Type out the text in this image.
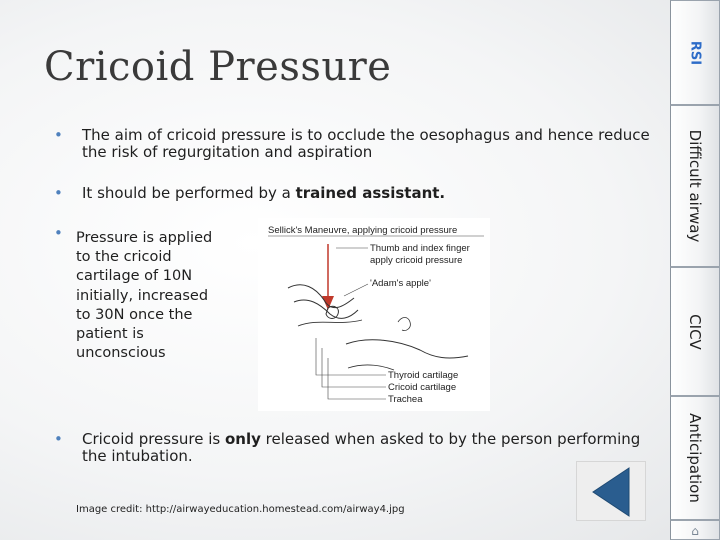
Cricoid Pressure
• The aim of cricoid pressure is to occlude the oesophagus and hence reduce
the risk of regurgitation and aspiration
• It should be performed by a trained assistant.
• Pressure is applied
to the cricoid
cartilage of 10N
initially, increased
to 30N once the
patient is
unconscious
Sellick's Maneuvre, applying cricoid pressure
Thumb and index finger
apply cricoid pressure
'Adam's apple'
Thyroid cartilage
Cricoid cartilage
Trachea
• Cricoid pressure is only released when asked to by the person performing
the intubation.
Image credit: http://airwayeducation.homestead.com/airway4.jpg
RSI
Difficult airway
CICV
Anticipation
⌂
